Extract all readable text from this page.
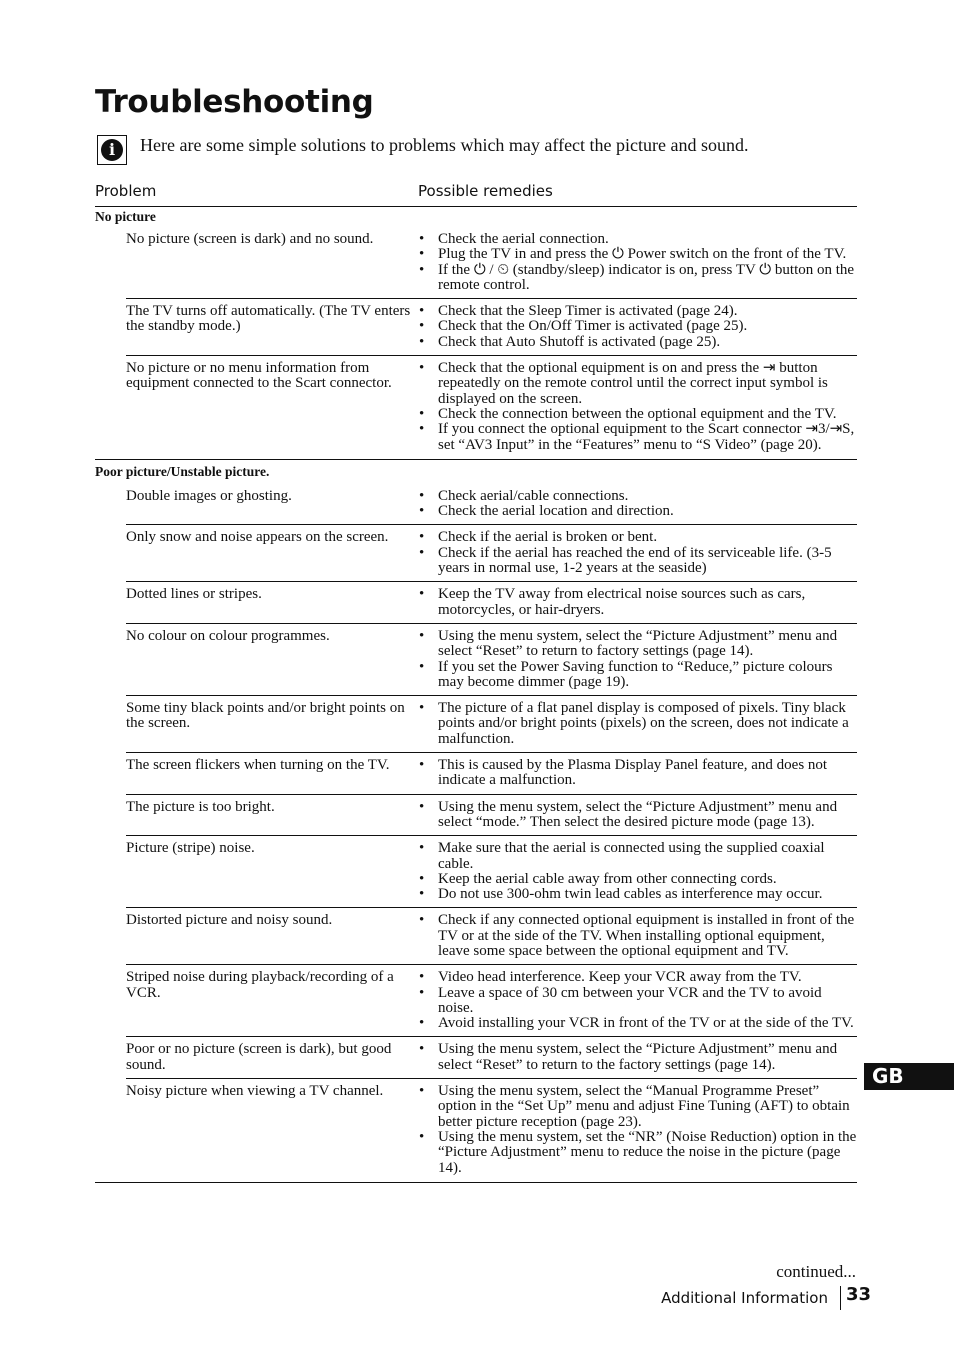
Troubleshooting
i	Here are some simple solutions to problems which may affect the picture and sound.
Problem	Possible remedies
No picture
No picture (screen is dark) and no sound.	• Check the aerial connection.
• Plug the TV in and press the ⏻ Power switch on the front of the TV.
• If the ⏻ / ⏲ (standby/sleep) indicator is on, press TV ⏻ button on the remote control.
The TV turns off automatically. (The TV enters the standby mode.)
• Check that the Sleep Timer is activated (page 24).
• Check that the On/Off Timer is activated (page 25).
• Check that Auto Shutoff is activated (page 25).
No picture or no menu information from equipment connected to the Scart connector.
• Check that the optional equipment is on and press the ⇥ button repeatedly on the remote control until the correct input symbol is displayed on the screen.
• Check the connection between the optional equipment and the TV.
• If you connect the optional equipment to the Scart connector ⇥3/⇥S, set “AV3 Input” in the “Features” menu to “S Video” (page 20).
Poor picture/Unstable picture.
Double images or ghosting.	• Check aerial/cable connections.
• Check the aerial location and direction.
Only snow and noise appears on the screen.	• Check if the aerial is broken or bent.
• Check if the aerial has reached the end of its serviceable life. (3-5 years in normal use, 1-2 years at the seaside)
Dotted lines or stripes.	• Keep the TV away from electrical noise sources such as cars, motorcycles, or hair-dryers.
No colour on colour programmes.	• Using the menu system, select the “Picture Adjustment” menu and select “Reset” to return to factory settings (page 14).
• If you set the Power Saving function to “Reduce,” picture colours may become dimmer (page 19).
Some tiny black points and/or bright points on the screen.
• The picture of a flat panel display is composed of pixels. Tiny black points and/or bright points (pixels) on the screen, does not indicate a malfunction.
The screen flickers when turning on the TV.	• This is caused by the Plasma Display Panel feature, and does not indicate a malfunction.
The picture is too bright.	• Using the menu system, select the “Picture Adjustment” menu and select “mode.” Then select the desired picture mode (page 13).
Picture (stripe) noise.	• Make sure that the aerial is connected using the supplied coaxial cable.
• Keep the aerial cable away from other connecting cords.
• Do not use 300-ohm twin lead cables as interference may occur.
Distorted picture and noisy sound.	• Check if any connected optional equipment is installed in front of the TV or at the side of the TV. When installing optional equipment, leave some space between the optional equipment and TV.
Striped noise during playback/recording of a VCR.
• Video head interference. Keep your VCR away from the TV.
• Leave a space of 30 cm between your VCR and the TV to avoid noise.
• Avoid installing your VCR in front of the TV or at the side of the TV.
Poor or no picture (screen is dark), but good sound.
• Using the menu system, select the “Picture Adjustment” menu and select “Reset” to return to the factory settings (page 14).
Noisy picture when viewing a TV channel.	• Using the menu system, select the “Manual Programme Preset” option in the “Set Up” menu and adjust Fine Tuning (AFT) to obtain better picture reception (page 23).
• Using the menu system, set the “NR” (Noise Reduction) option in the “Picture Adjustment” menu to reduce the noise in the picture (page 14).
GB
continued...
Additional Information 33
